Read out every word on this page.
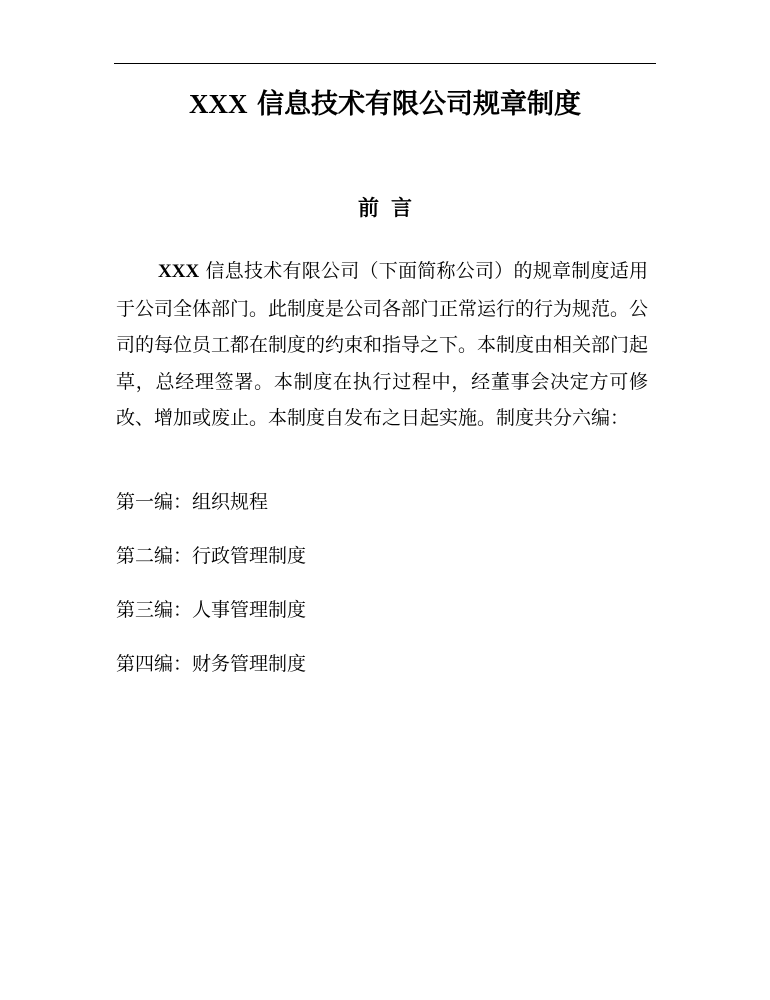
XXX 信息技术有限公司规章制度
前言

XXX 信息技术有限公司（下面简称公司）的规章制度适用于公司全体部门。此制度是公司各部门正常运行的行为规范。公司的每位员工都在制度的约束和指导之下。本制度由相关部门起草，总经理签署。本制度在执行过程中，经董事会决定方可修改、增加或废止。本制度自发布之日起实施。制度共分六编：

第一编：组织规程
第二编：行政管理制度
第三编：人事管理制度
第四编：财务管理制度
